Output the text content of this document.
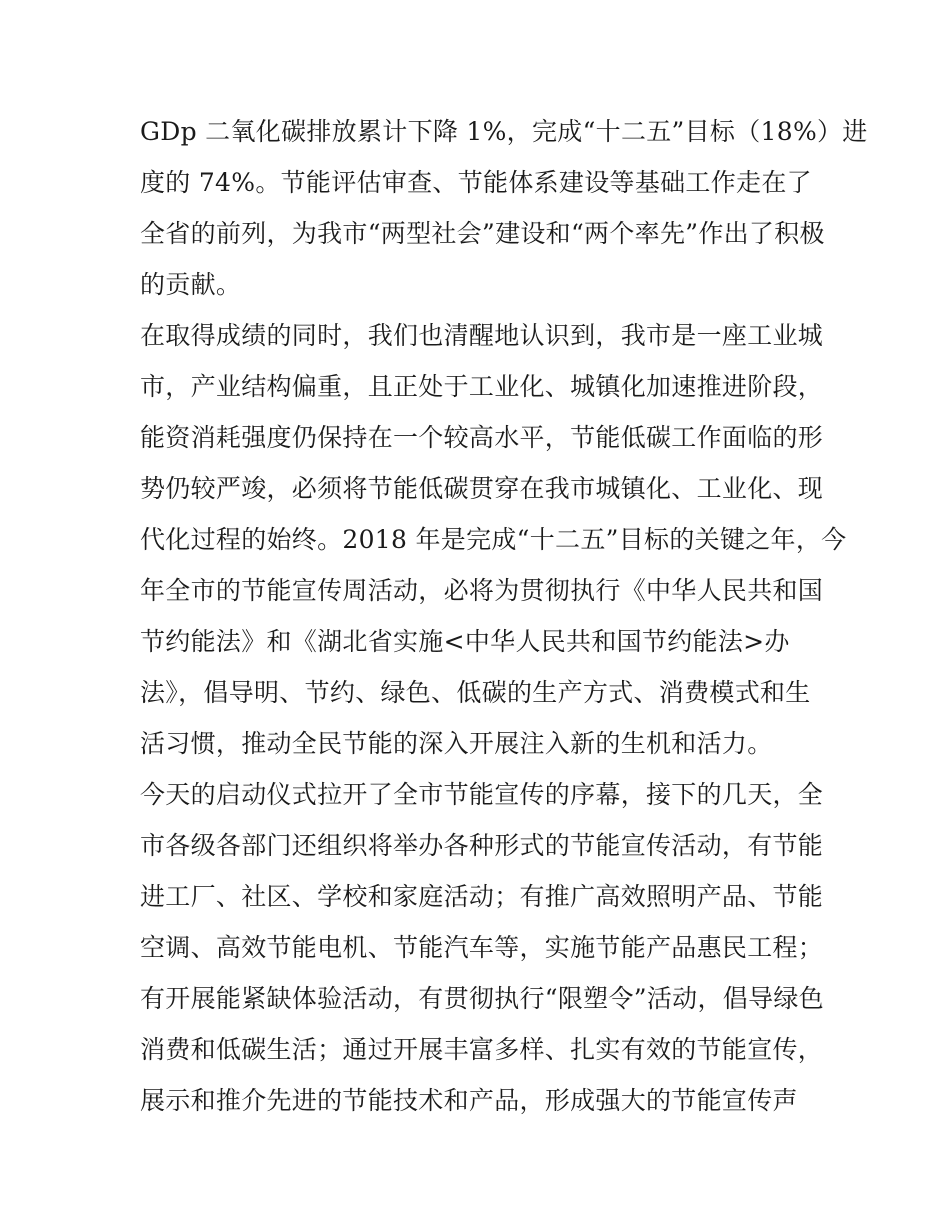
GDp 二氧化碳排放累计下降 1%，完成“十二五”目标（18%）进
度的 74%。节能评估审查、节能体系建设等基础工作走在了
全省的前列，为我市“两型社会”建设和“两个率先”作出了积极
的贡献。
在取得成绩的同时，我们也清醒地认识到，我市是一座工业城
市，产业结构偏重，且正处于工业化、城镇化加速推进阶段，
能资消耗强度仍保持在一个较高水平，节能低碳工作面临的形
势仍较严竣，必须将节能低碳贯穿在我市城镇化、工业化、现
代化过程的始终。2018 年是完成“十二五”目标的关键之年，今
年全市的节能宣传周活动，必将为贯彻执行《中华人民共和国
节约能法》和《湖北省实施<中华人民共和国节约能法>办
法》，倡导明、节约、绿色、低碳的生产方式、消费模式和生
活习惯，推动全民节能的深入开展注入新的生机和活力。
今天的启动仪式拉开了全市节能宣传的序幕，接下的几天，全
市各级各部门还组织将举办各种形式的节能宣传活动，有节能
进工厂、社区、学校和家庭活动；有推广高效照明产品、节能
空调、高效节能电机、节能汽车等，实施节能产品惠民工程；
有开展能紧缺体验活动，有贯彻执行“限塑令”活动，倡导绿色
消费和低碳生活；通过开展丰富多样、扎实有效的节能宣传，
展示和推介先进的节能技术和产品，形成强大的节能宣传声
